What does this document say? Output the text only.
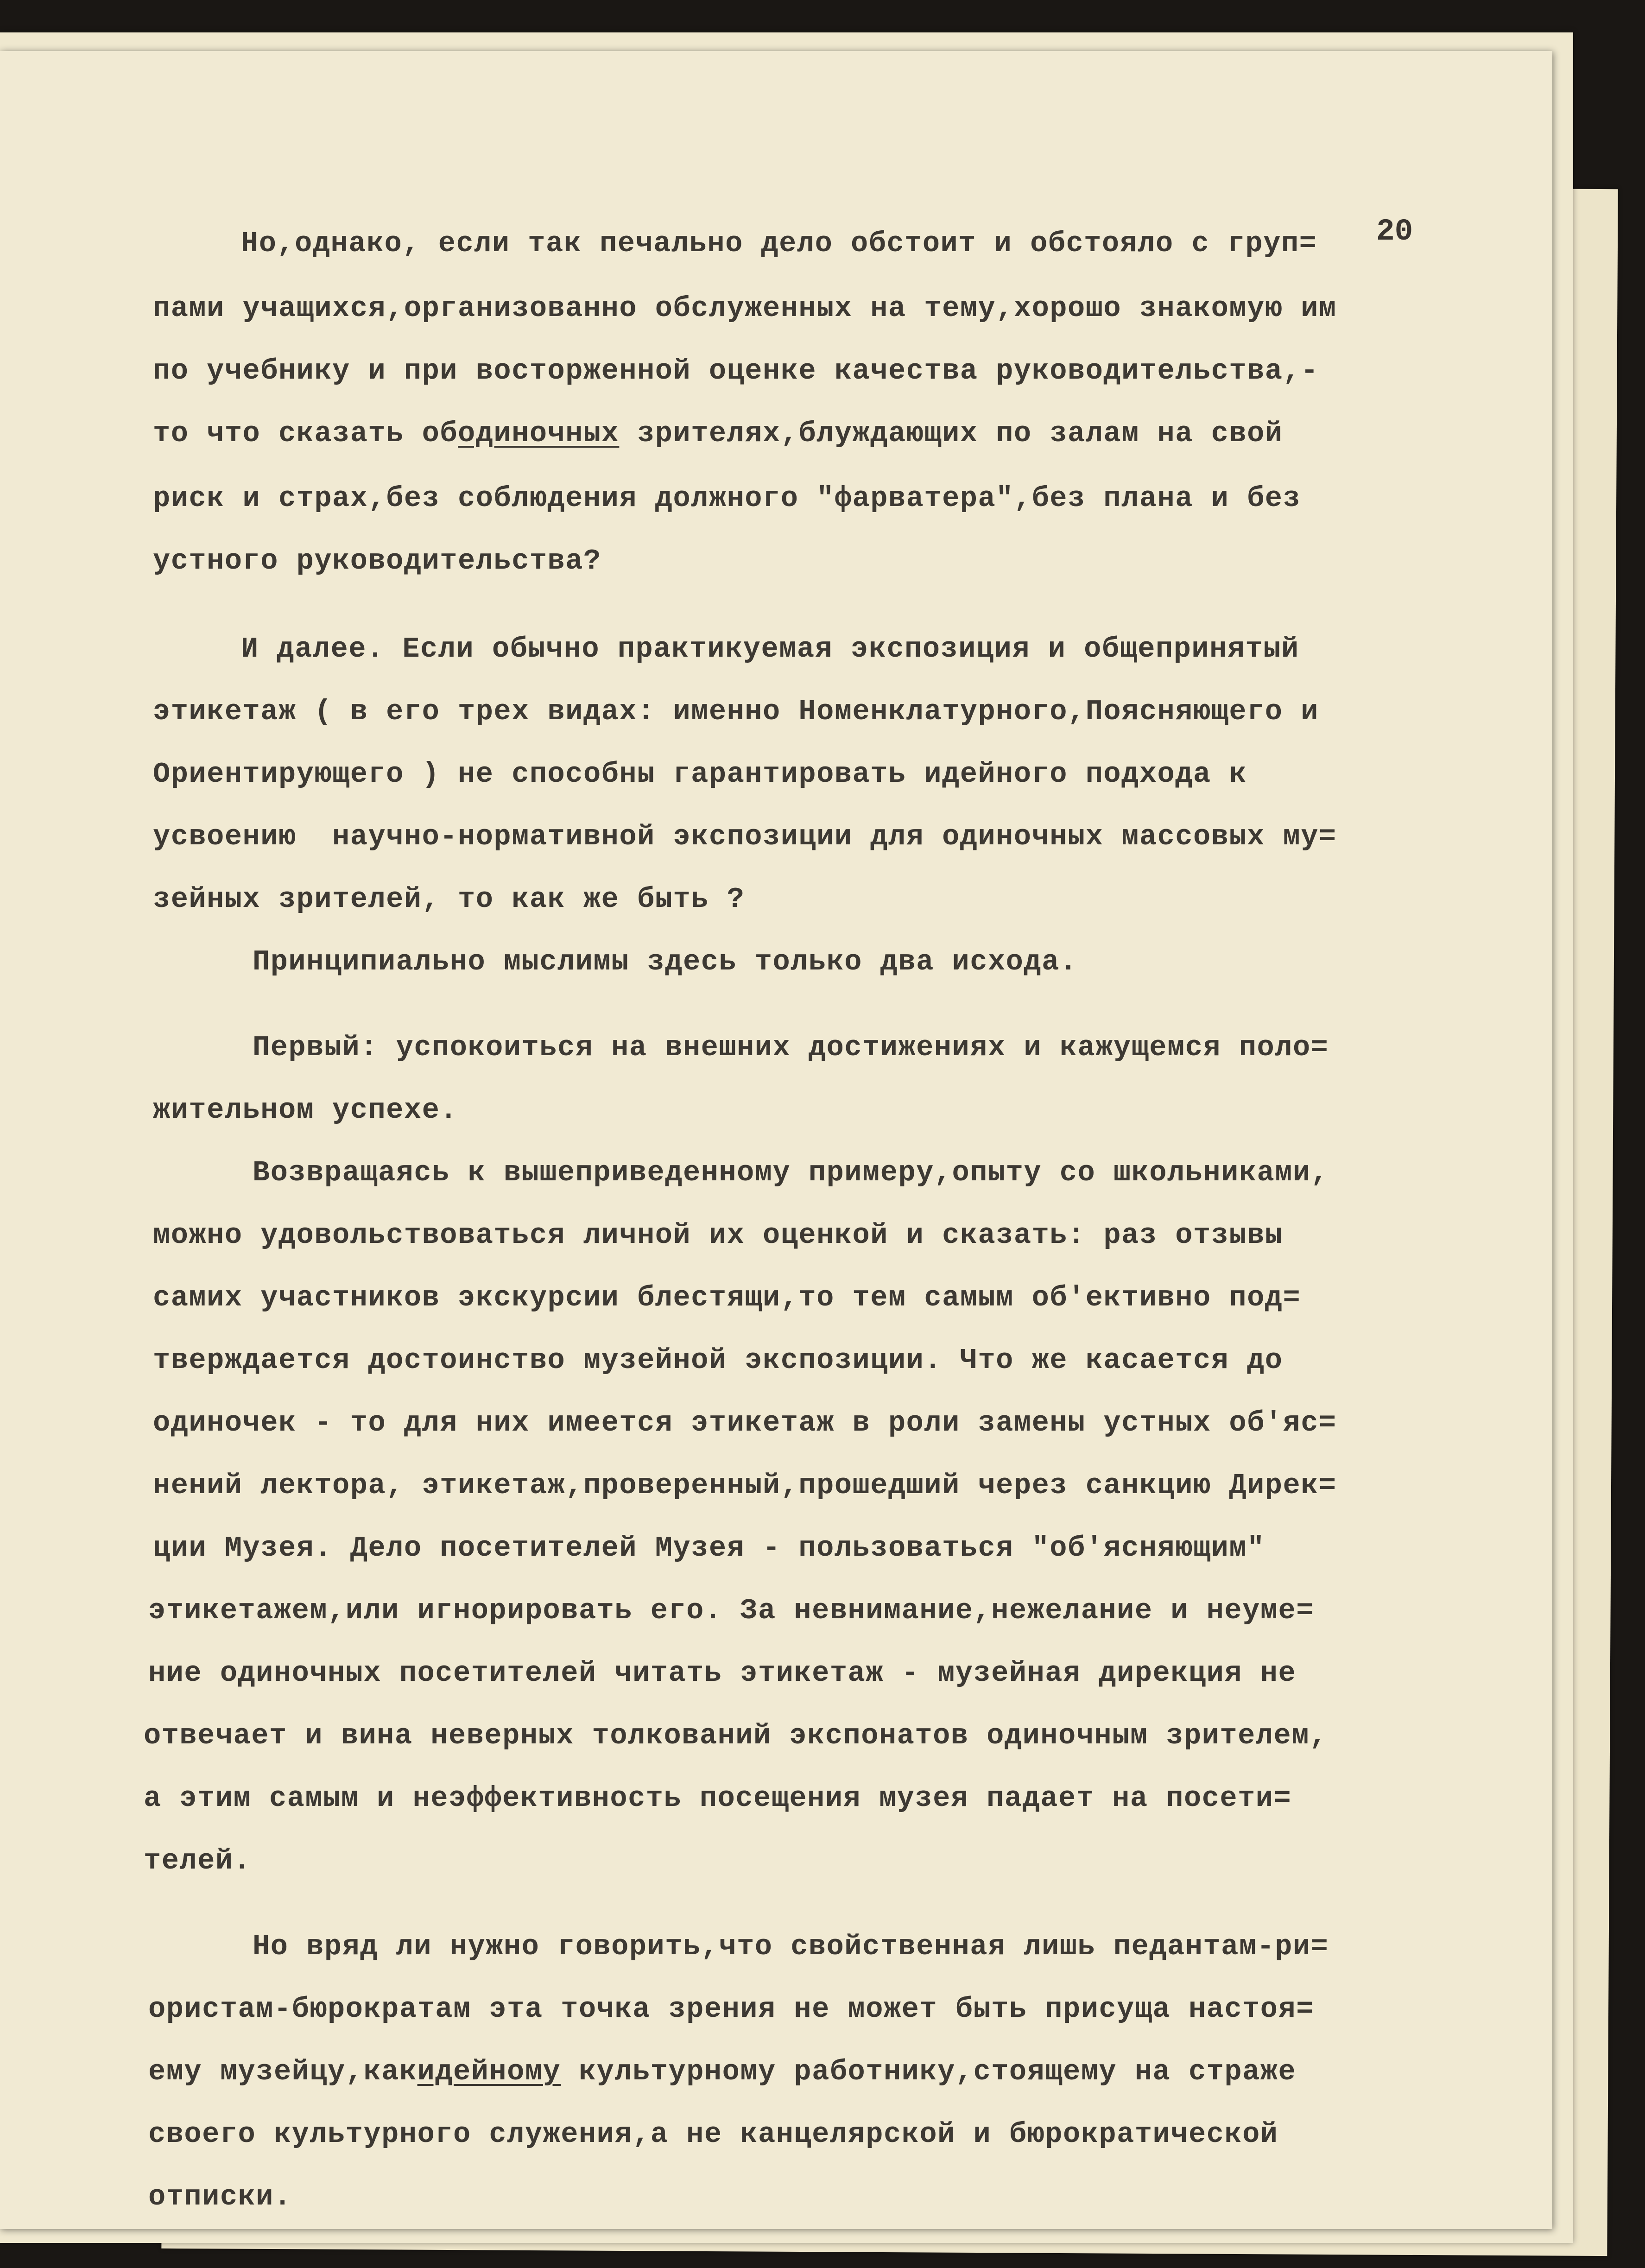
20
Но,однако, если так печально дело обстоит и обстояло с груп=
пами учащихся,организованно обслуженных на тему,хорошо знакомую им
по учебнику и при восторженной оценке качества руководительства,-
то что сказать ободиночных зрителях,блуждающих по залам на свой
риск и страх,без соблюдения должного "фарватера",без плана и без
устного руководительства?
И далее. Если обычно практикуемая экспозиция и общепринятый
этикетаж ( в его трех видах: именно Номенклатурного,Поясняющего и
Ориентирующего ) не способны гарантировать идейного подхода к
усвоению  научно-нормативной экспозиции для одиночных массовых му=
зейных зрителей, то как же быть ?
Принципиально мыслимы здесь только два исхода.
Первый: успокоиться на внешних достижениях и кажущемся поло=
жительном успехе.
Возвращаясь к вышеприведенному примеру,опыту со школьниками,
можно удовольствоваться личной их оценкой и сказать: раз отзывы
самих участников экскурсии блестящи,то тем самым об'ективно под=
тверждается достоинство музейной экспозиции. Что же касается до
одиночек - то для них имеется этикетаж в роли замены устных об'яс=
нений лектора, этикетаж,проверенный,прошедший через санкцию Дирек=
ции Музея. Дело посетителей Музея - пользоваться "об'ясняющим"
этикетажем,или игнорировать его. За невнимание,нежелание и неуме=
ние одиночных посетителей читать этикетаж - музейная дирекция не
отвечает и вина неверных толкований экспонатов одиночным зрителем,
а этим самым и неэффективность посещения музея падает на посети=
телей.
Но вряд ли нужно говорить,что свойственная лишь педантам-ри=
ористам-бюрократам эта точка зрения не может быть присуща настоя=
ему музейцу,какидейному культурному работнику,стоящему на страже
своего культурного служения,а не канцелярской и бюрократической
отписки.
